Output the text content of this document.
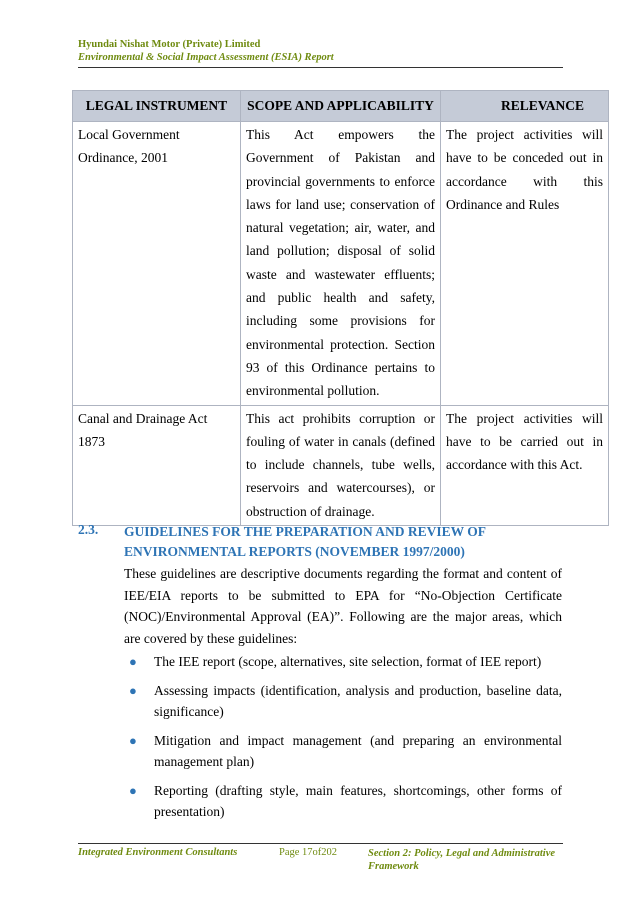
Hyundai Nishat Motor (Private) Limited
Environmental & Social Impact Assessment (ESIA) Report
LEGAL INSTRUMENT	SCOPE AND APPLICABILITY	RELEVANCE
Local Government Ordinance, 2001	This Act empowers the Government of Pakistan and provincial governments to enforce laws for land use; conservation of natural vegetation; air, water, and land pollution; disposal of solid waste and wastewater effluents; and public health and safety, including some provisions for environmental protection. Section 93 of this Ordinance pertains to environmental pollution.	The project activities will have to be conceded out in accordance with this Ordinance and Rules
Canal and Drainage Act 1873	This act prohibits corruption or fouling of water in canals (defined to include channels, tube wells, reservoirs and watercourses), or obstruction of drainage.	The project activities will have to be carried out in accordance with this Act.
2.3. GUIDELINES FOR THE PREPARATION AND REVIEW OF ENVIRONMENTAL REPORTS (NOVEMBER 1997/2000)
These guidelines are descriptive documents regarding the format and content of IEE/EIA reports to be submitted to EPA for “No-Objection Certificate (NOC)/Environmental Approval (EA)”. Following are the major areas, which are covered by these guidelines:
● The IEE report (scope, alternatives, site selection, format of IEE report)
● Assessing impacts (identification, analysis and production, baseline data, significance)
● Mitigation and impact management (and preparing an environmental management plan)
● Reporting (drafting style, main features, shortcomings, other forms of presentation)
Integrated Environment Consultants	Page 17of202	Section 2: Policy, Legal and Administrative Framework
